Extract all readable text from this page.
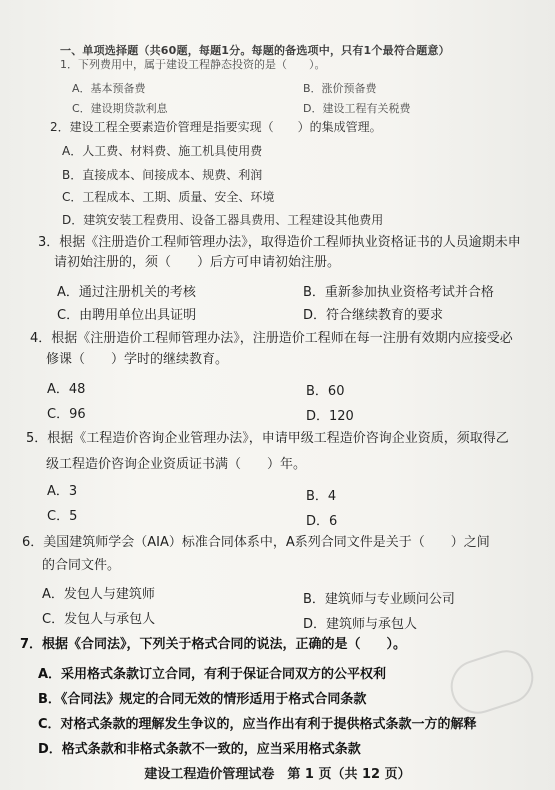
一、单项选择题（共60题，每题1分。每题的备选项中，只有1个最符合题意）
1．下列费用中，属于建设工程静态投资的是（　　）。
A．基本预备费	B．涨价预备费
C．建设期贷款利息	D．建设工程有关税费
2．建设工程全要素造价管理是指要实现（　　）的集成管理。
A．人工费、材料费、施工机具使用费
B．直接成本、间接成本、规费、利润
C．工程成本、工期、质量、安全、环境
D．建筑安装工程费用、设备工器具费用、工程建设其他费用
3．根据《注册造价工程师管理办法》，取得造价工程师执业资格证书的人员逾期未申
请初始注册的，须（　　）后方可申请初始注册。
A．通过注册机关的考核	B．重新参加执业资格考试并合格
C．由聘用单位出具证明	D．符合继续教育的要求
4．根据《注册造价工程师管理办法》，注册造价工程师在每一注册有效期内应接受必
修课（　　）学时的继续教育。
A．48	B．60
C．96	D．120
5．根据《工程造价咨询企业管理办法》，申请甲级工程造价咨询企业资质，须取得乙
级工程造价咨询企业资质证书满（　　）年。
A．3	B．4
C．5	D．6
6．美国建筑师学会（AIA）标准合同体系中，A系列合同文件是关于（　　）之间
的合同文件。
A．发包人与建筑师	B．建筑师与专业顾问公司
C．发包人与承包人	D．建筑师与承包人
7．根据《合同法》，下列关于格式合同的说法，正确的是（　　）。
A．采用格式条款订立合同，有利于保证合同双方的公平权利
B．《合同法》规定的合同无效的情形适用于格式合同条款
C．对格式条款的理解发生争议的，应当作出有利于提供格式条款一方的解释
D．格式条款和非格式条款不一致的，应当采用格式条款
建设工程造价管理试卷　第 1 页（共 12 页）
